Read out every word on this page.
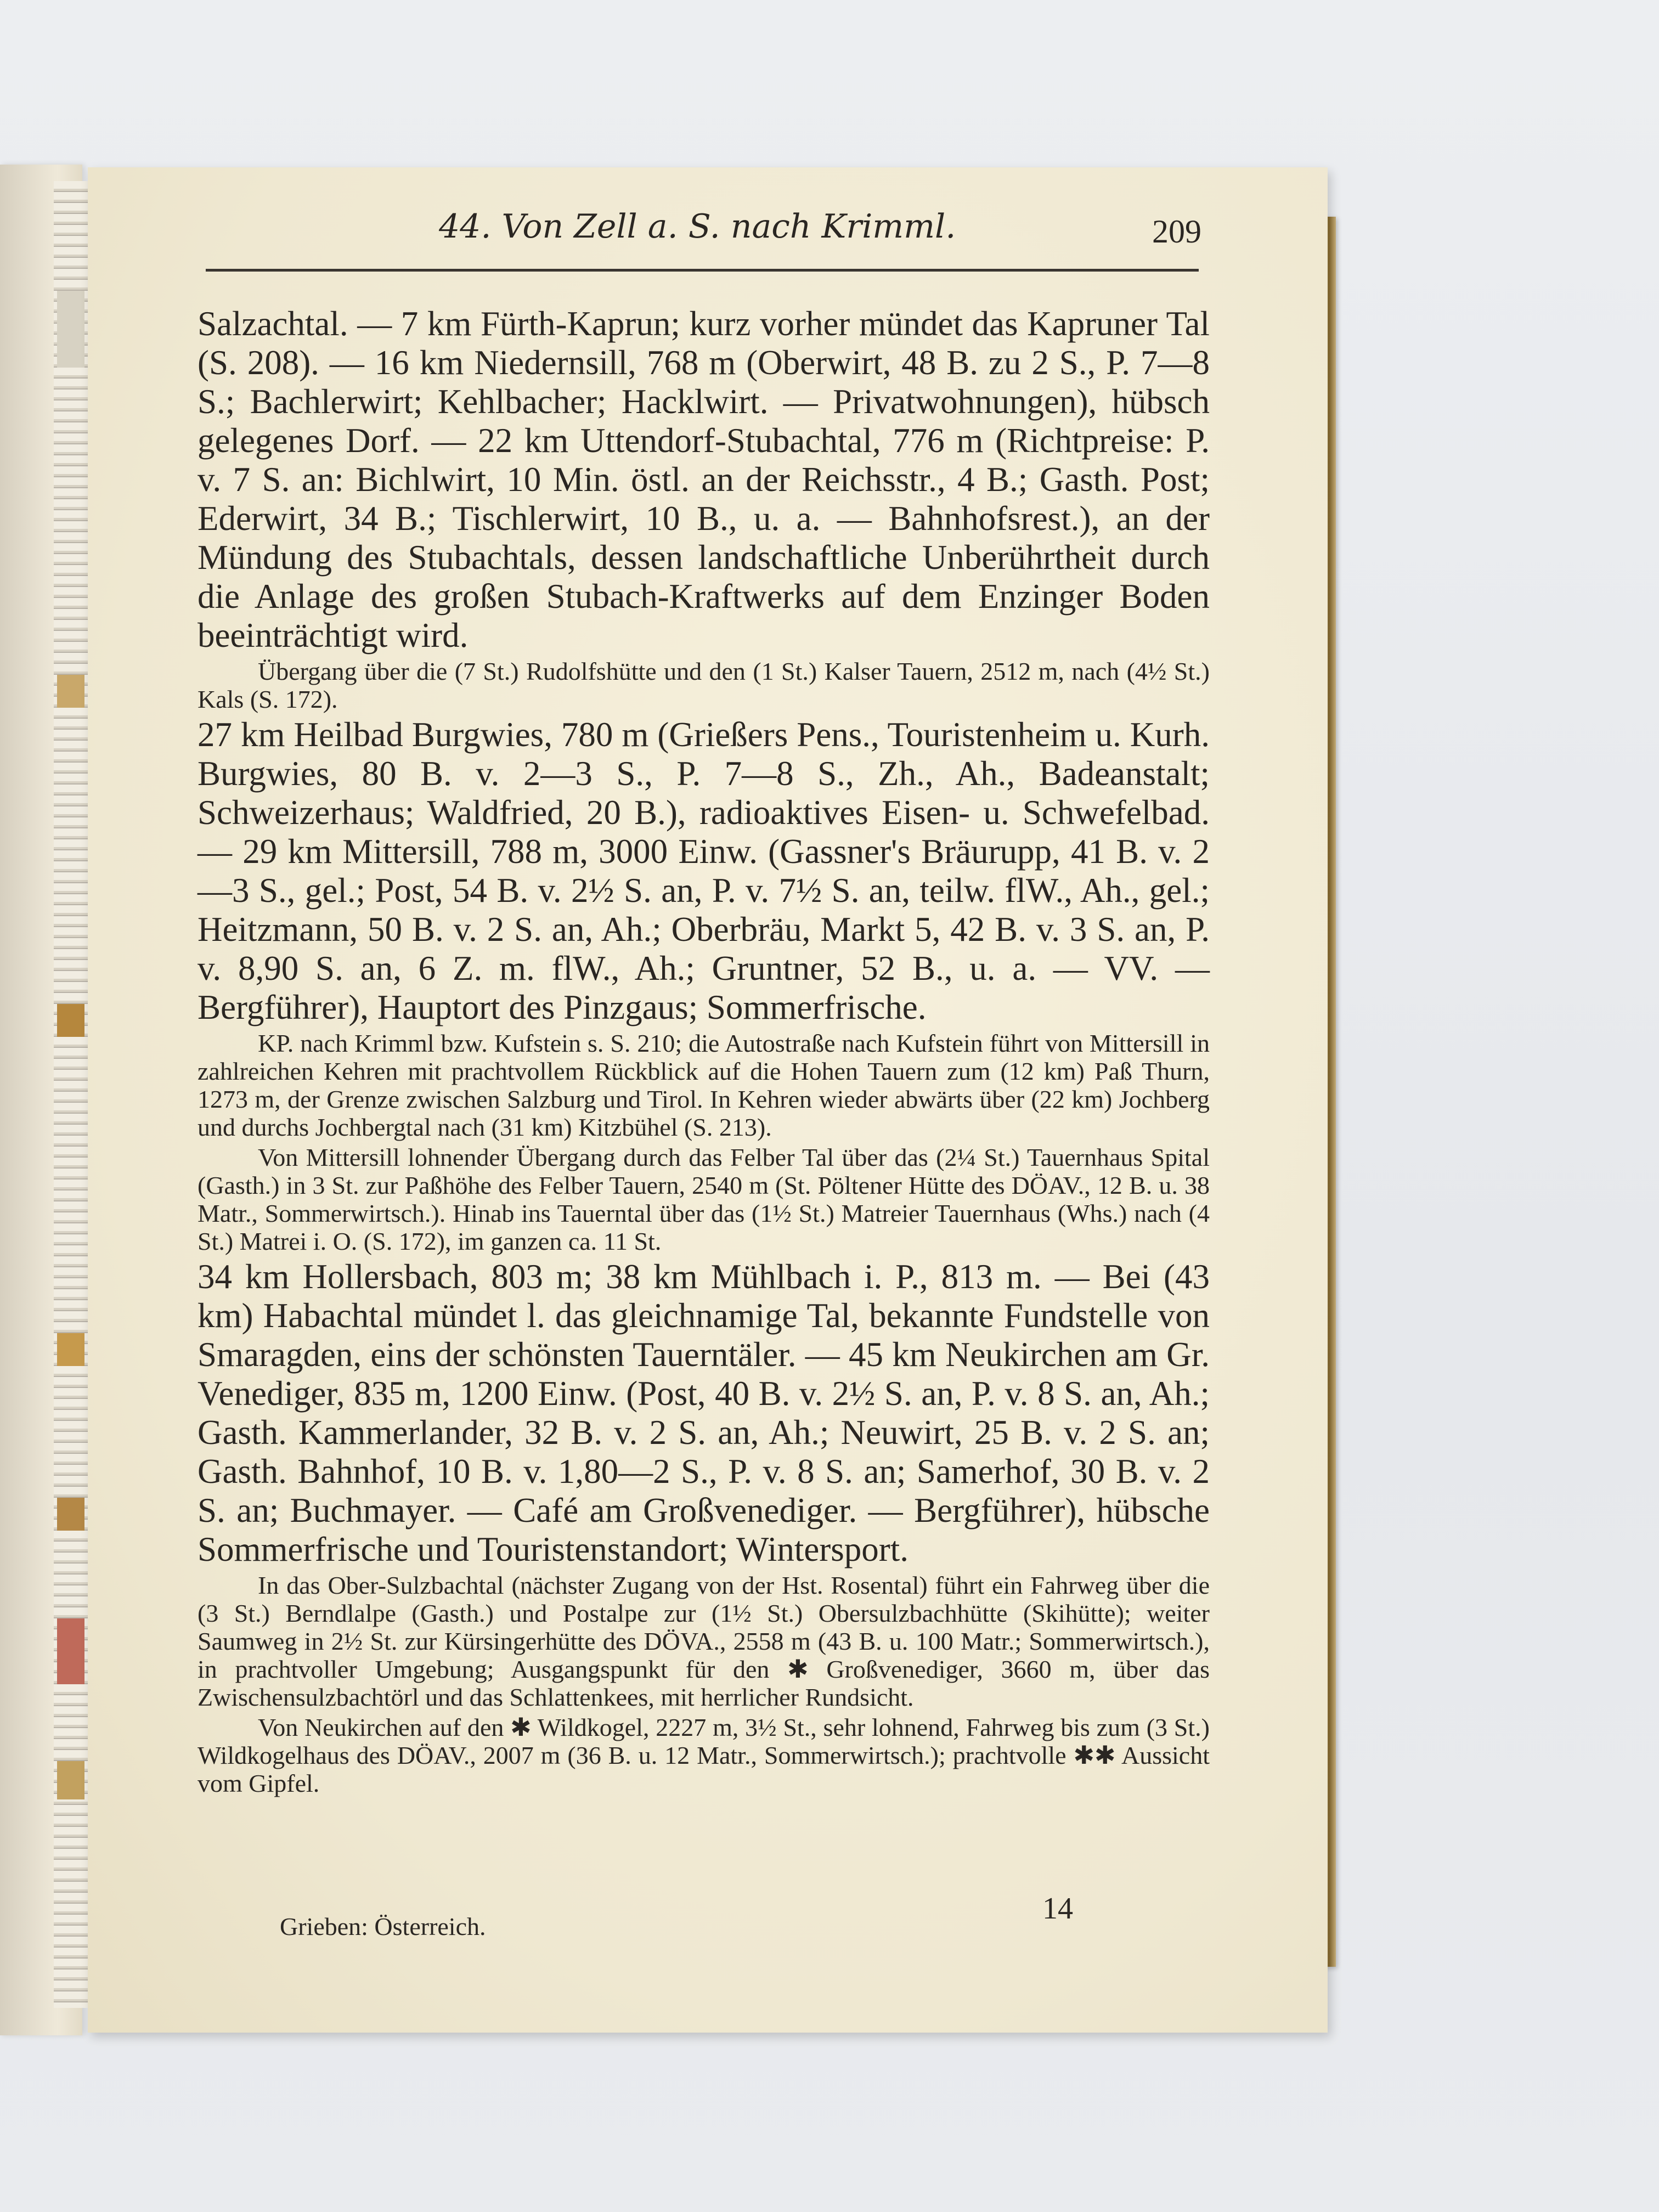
44. Von Zell a. S. nach Krimml.	209

Salzachtal. — 7 km Fürth-Kaprun; kurz vorher mündet das Kapruner Tal (S. 208). — 16 km Niedernsill, 768 m (Oberwirt, 48 B. zu 2 S., P. 7—8 S.; Bachlerwirt; Kehlbacher; Hacklwirt. — Privatwohnungen), hübsch gelegenes Dorf. — 22 km Uttendorf-Stubachtal, 776 m (Richtpreise: P. v. 7 S. an: Bichlwirt, 10 Min. östl. an der Reichsstr., 4 B.; Gasth. Post; Ederwirt, 34 B.; Tischlerwirt, 10 B., u. a. — Bahnhofsrest.), an der Mündung des Stubachtals, dessen landschaftliche Unberührtheit durch die Anlage des großen Stubach-Kraftwerks auf dem Enzinger Boden beeinträchtigt wird.

Übergang über die (7 St.) Rudolfshütte und den (1 St.) Kalser Tauern, 2512 m, nach (4½ St.) Kals (S. 172).

27 km Heilbad Burgwies, 780 m (Grießers Pens., Touristenheim u. Kurh. Burgwies, 80 B. v. 2—3 S., P. 7—8 S., Zh., Ah., Badeanstalt; Schweizerhaus; Waldfried, 20 B.), radioaktives Eisen- u. Schwefelbad. — 29 km Mittersill, 788 m, 3000 Einw. (Gassner's Bräurupp, 41 B. v. 2—3 S., gel.; Post, 54 B. v. 2½ S. an, P. v. 7½ S. an, teilw. flW., Ah., gel.; Heitzmann, 50 B. v. 2 S. an, Ah.; Oberbräu, Markt 5, 42 B. v. 3 S. an, P. v. 8,90 S. an, 6 Z. m. flW., Ah.; Gruntner, 52 B., u. a. — VV. — Bergführer), Hauptort des Pinzgaus; Sommerfrische.

KP. nach Krimml bzw. Kufstein s. S. 210; die Autostraße nach Kufstein führt von Mittersill in zahlreichen Kehren mit prachtvollem Rückblick auf die Hohen Tauern zum (12 km) Paß Thurn, 1273 m, der Grenze zwischen Salzburg und Tirol. In Kehren wieder abwärts über (22 km) Jochberg und durchs Jochbergtal nach (31 km) Kitzbühel (S. 213).

Von Mittersill lohnender Übergang durch das Felber Tal über das (2¼ St.) Tauernhaus Spital (Gasth.) in 3 St. zur Paßhöhe des Felber Tauern, 2540 m (St. Pöltener Hütte des DÖAV., 12 B. u. 38 Matr., Sommerwirtsch.). Hinab ins Tauerntal über das (1½ St.) Matreier Tauernhaus (Whs.) nach (4 St.) Matrei i. O. (S. 172), im ganzen ca. 11 St.

34 km Hollersbach, 803 m; 38 km Mühlbach i. P., 813 m. — Bei (43 km) Habachtal mündet l. das gleichnamige Tal, bekannte Fundstelle von Smaragden, eins der schönsten Tauerntäler. — 45 km Neukirchen am Gr. Venediger, 835 m, 1200 Einw. (Post, 40 B. v. 2½ S. an, P. v. 8 S. an, Ah.; Gasth. Kammerlander, 32 B. v. 2 S. an, Ah.; Neuwirt, 25 B. v. 2 S. an; Gasth. Bahnhof, 10 B. v. 1,80—2 S., P. v. 8 S. an; Samerhof, 30 B. v. 2 S. an; Buchmayer. — Café am Großvenediger. — Bergführer), hübsche Sommerfrische und Touristenstandort; Wintersport.

In das Ober-Sulzbachtal (nächster Zugang von der Hst. Rosental) führt ein Fahrweg über die (3 St.) Berndlalpe (Gasth.) und Postalpe zur (1½ St.) Obersulzbachhütte (Skihütte); weiter Saumweg in 2½ St. zur Kürsingerhütte des DÖVA., 2558 m (43 B. u. 100 Matr.; Sommerwirtsch.), in prachtvoller Umgebung; Ausgangspunkt für den ✱ Großvenediger, 3660 m, über das Zwischensulzbachtörl und das Schlattenkees, mit herrlicher Rundsicht.

Von Neukirchen auf den ✱ Wildkogel, 2227 m, 3½ St., sehr lohnend, Fahrweg bis zum (3 St.) Wildkogelhaus des DÖAV., 2007 m (36 B. u. 12 Matr., Sommerwirtsch.); prachtvolle ✱✱ Aussicht vom Gipfel.

Grieben: Österreich.
14
